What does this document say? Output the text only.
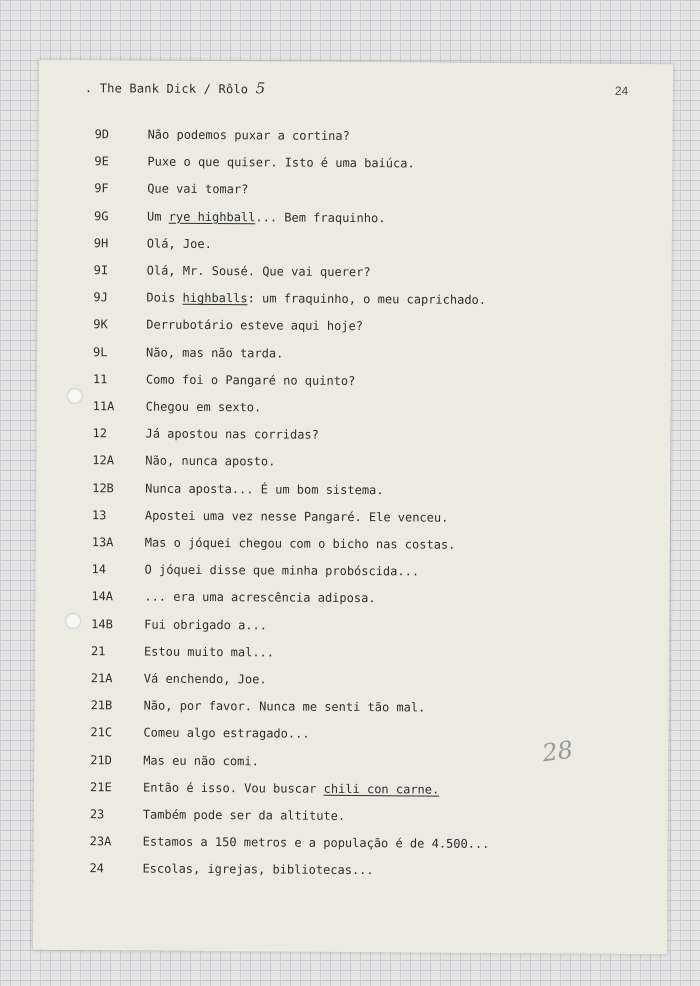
. The Bank Dick / Rôlo 5	24
9D	Não podemos puxar a cortina?
9E	Puxe o que quiser. Isto é uma baiúca.
9F	Que vai tomar?
9G	Um rye highball... Bem fraquinho.
9H	Olá, Joe.
9I	Olá, Mr. Sousé. Que vai querer?
9J	Dois highballs: um fraquinho, o meu caprichado.
9K	Derrubotário esteve aqui hoje?
9L	Não, mas não tarda.
11	Como foi o Pangaré no quinto?
11A	Chegou em sexto.
12	Já apostou nas corridas?
12A	Não, nunca aposto.
12B	Nunca aposta... É um bom sistema.
13	Apostei uma vez nesse Pangaré. Ele venceu.
13A	Mas o jóquei chegou com o bicho nas costas.
14	O jóquei disse que minha probóscida...
14A	... era uma acrescência adiposa.
14B	Fui obrigado a...
21	Estou muito mal...
21A	Vá enchendo, Joe.
21B	Não, por favor. Nunca me senti tão mal.
21C	Comeu algo estragado...
21D	Mas eu não comi.
21E	Então é isso. Vou buscar chili con carne.
23	Também pode ser da altitute.
23A	Estamos a 150 metros e a população é de 4.500...
24	Escolas, igrejas, bibliotecas...
28
